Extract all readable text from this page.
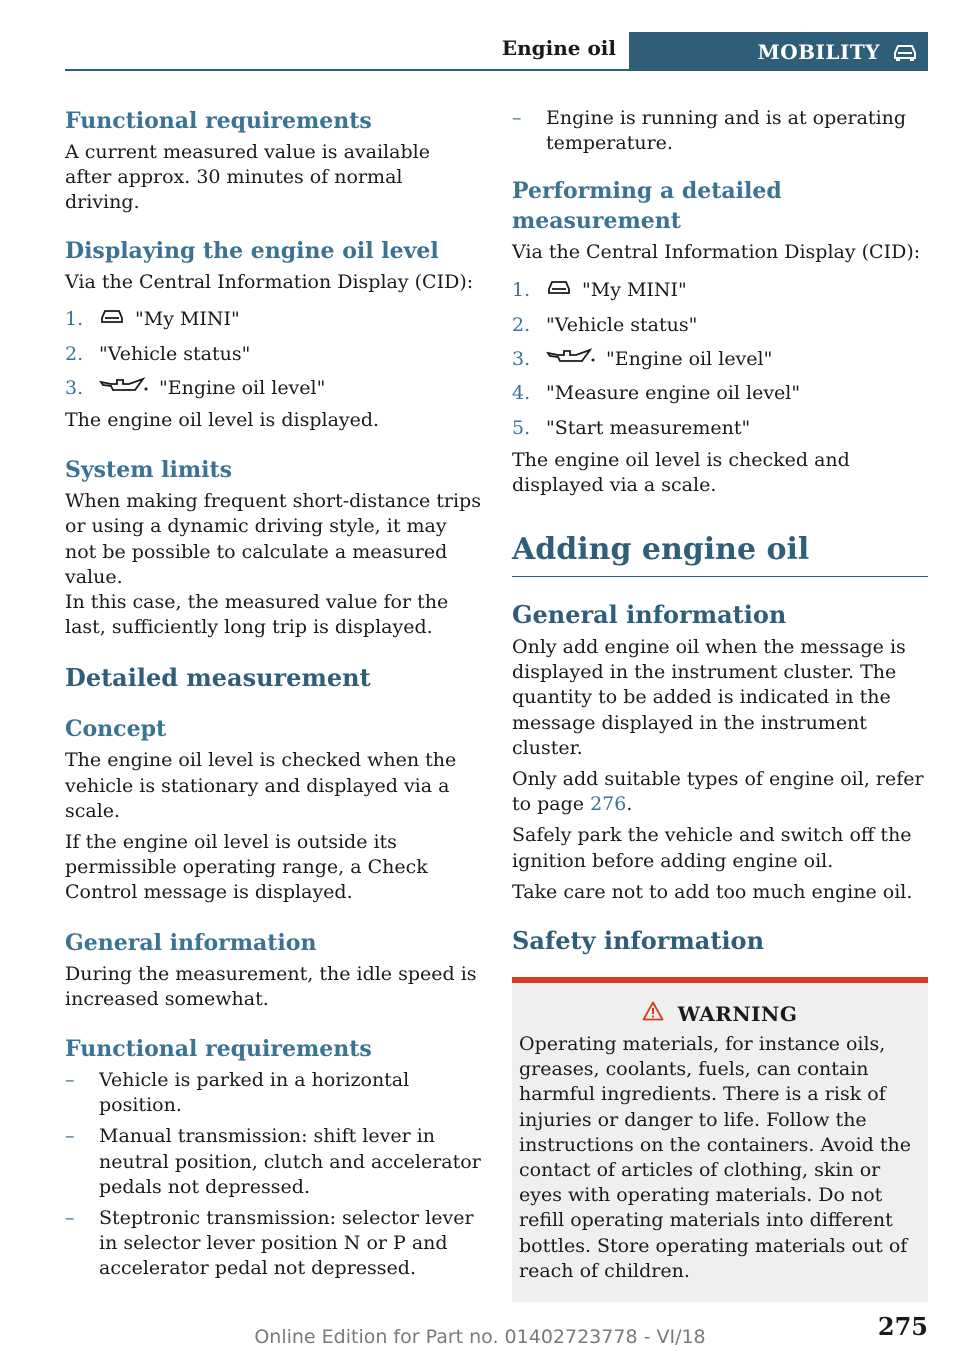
Engine oil	MOBILITY
Functional requirements

A current measured value is available after approx. 30 minutes of normal driving.

Displaying the engine oil level

Via the Central Information Display (CID):

1.	"My MINI"
2. "Vehicle status"
3.	"Engine oil level"

The engine oil level is displayed.

System limits

When making frequent short-distance trips or using a dynamic driving style, it may not be possible to calculate a measured value.

In this case, the measured value for the last, sufficiently long trip is displayed.

Detailed measurement
Concept

The engine oil level is checked when the vehicle is stationary and displayed via a scale.

If the engine oil level is outside its permissible operating range, a Check Control message is displayed.

General information

During the measurement, the idle speed is increased somewhat.

Functional requirements
–	Vehicle is parked in a horizontal position.
–	Manual transmission: shift lever in neutral position, clutch and accelerator pedals not depressed.
–	Steptronic transmission: selector lever in selector lever position N or P and accelerator pedal not depressed.
–	Engine is running and is at operating temperature.
Performing a detailed measurement

Via the Central Information Display (CID):

1.	"My MINI"
2. "Vehicle status"
3.	"Engine oil level"
4. "Measure engine oil level"
5. "Start measurement"

The engine oil level is checked and displayed via a scale.

Adding engine oil
General information

Only add engine oil when the message is displayed in the instrument cluster. The quantity to be added is indicated in the message displayed in the instrument cluster.

Only add suitable types of engine oil, refer to page 276.

Safely park the vehicle and switch off the ignition before adding engine oil.

Take care not to add too much engine oil.

Safety information
WARNING

Operating materials, for instance oils, greases, coolants, fuels, can contain harmful ingredients. There is a risk of injuries or danger to life. Follow the instructions on the containers. Avoid the contact of articles of clothing, skin or eyes with operating materials. Do not refill operating materials into different bottles. Store operating materials out of reach of children.

275
Online Edition for Part no. 01402723778 - VI/18
